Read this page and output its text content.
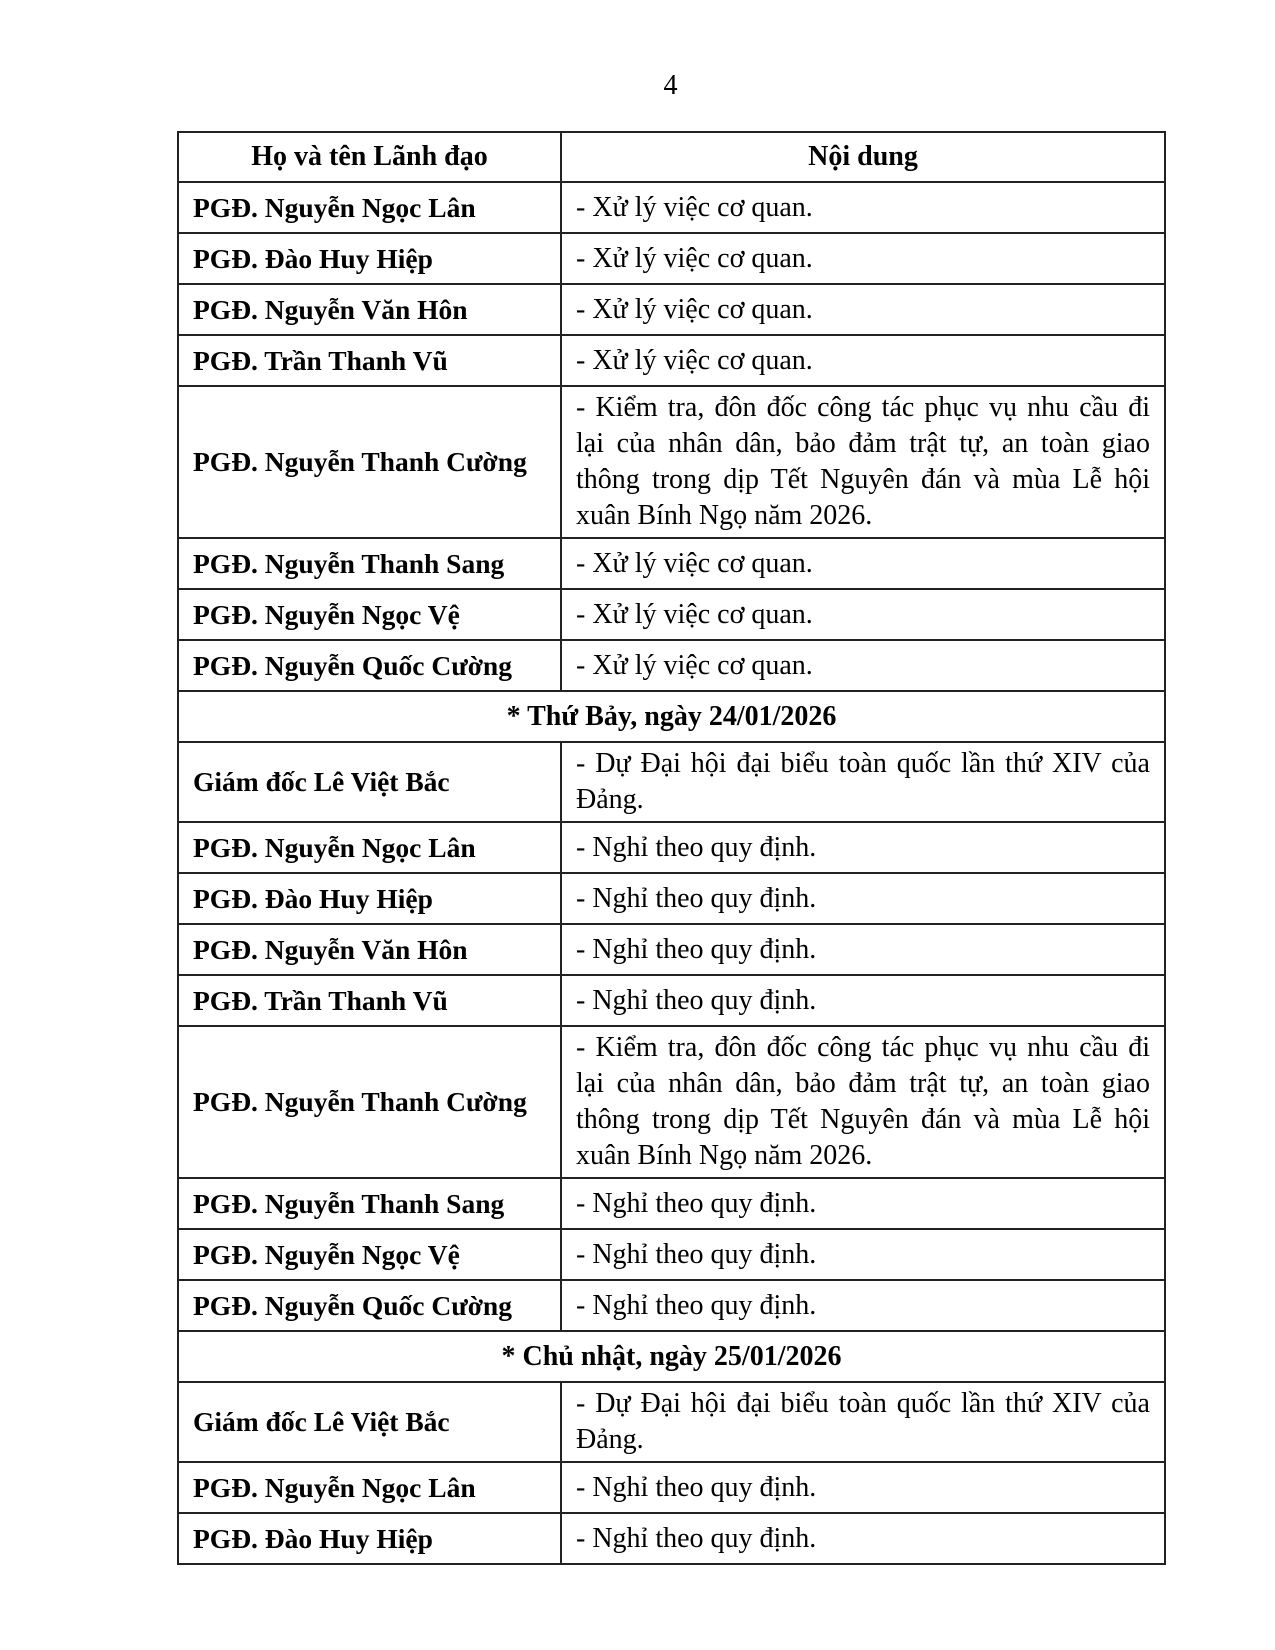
4
Họ và tên Lãnh đạo	Nội dung
PGĐ. Nguyễn Ngọc Lân	- Xử lý việc cơ quan.
PGĐ. Đào Huy Hiệp	- Xử lý việc cơ quan.
PGĐ. Nguyễn Văn Hôn	- Xử lý việc cơ quan.
PGĐ. Trần Thanh Vũ	- Xử lý việc cơ quan.
PGĐ. Nguyễn Thanh Cường	- Kiểm tra, đôn đốc công tác phục vụ nhu cầu đi lại của nhân dân, bảo đảm trật tự, an toàn giao thông trong dịp Tết Nguyên đán và mùa Lễ hội xuân Bính Ngọ năm 2026.
PGĐ. Nguyễn Thanh Sang	- Xử lý việc cơ quan.
PGĐ. Nguyễn Ngọc Vệ	- Xử lý việc cơ quan.
PGĐ. Nguyễn Quốc Cường	- Xử lý việc cơ quan.
* Thứ Bảy, ngày 24/01/2026	
Giám đốc Lê Việt Bắc	- Dự Đại hội đại biểu toàn quốc lần thứ XIV của Đảng.
PGĐ. Nguyễn Ngọc Lân	- Nghỉ theo quy định.
PGĐ. Đào Huy Hiệp	- Nghỉ theo quy định.
PGĐ. Nguyễn Văn Hôn	- Nghỉ theo quy định.
PGĐ. Trần Thanh Vũ	- Nghỉ theo quy định.
PGĐ. Nguyễn Thanh Cường	- Kiểm tra, đôn đốc công tác phục vụ nhu cầu đi lại của nhân dân, bảo đảm trật tự, an toàn giao thông trong dịp Tết Nguyên đán và mùa Lễ hội xuân Bính Ngọ năm 2026.
PGĐ. Nguyễn Thanh Sang	- Nghỉ theo quy định.
PGĐ. Nguyễn Ngọc Vệ	- Nghỉ theo quy định.
PGĐ. Nguyễn Quốc Cường	- Nghỉ theo quy định.
* Chủ nhật, ngày 25/01/2026	
Giám đốc Lê Việt Bắc	- Dự Đại hội đại biểu toàn quốc lần thứ XIV của Đảng.
PGĐ. Nguyễn Ngọc Lân	- Nghỉ theo quy định.
PGĐ. Đào Huy Hiệp	- Nghỉ theo quy định.
